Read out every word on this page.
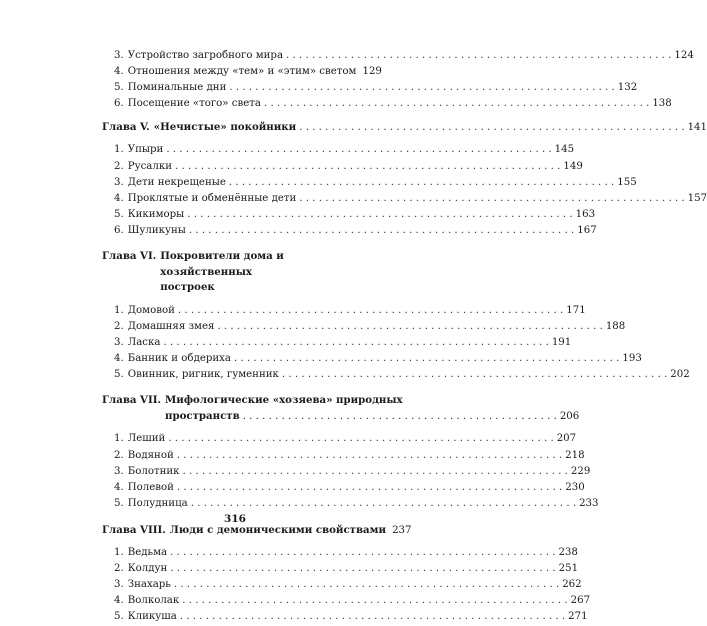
3. Устройство загробного мира . . .	124
4. Отношения между «тем» и «этим» светом 129
5. Поминальные дни . . .	132
6. Посещение «того» света . . .	138
Глава V. «Нечистые» покойники . . .	141
1. Упыри . . .	145
2. Русалки . . .	149
3. Дети некрещеные . . .	155
4. Проклятые и обменённые дети . . .	157
5. Кикиморы . . .	163
6. Шуликуны . . .	167
Глава VI. Покровители дома и хозяйственных
построек
1. Домовой . . .	171
2. Домашняя змея . . .	188
3. Ласка . . .	191
4. Банник и обдериха . . .	193
5. Овинник, ригник, гуменник . . .	202
Глава VII. Мифологические «хозяева» природных
пространств . . .	206
1. Леший . . .	207
2. Водяной . . .	218
3. Болотник . . .	229
4. Полевой . . .	230
5. Полудница . . .	233
Глава VIII. Люди с демоническими свойствами 237
1. Ведьма . . .	238
2. Колдун . . .	251
3. Знахарь . . .	262
4. Волколак . . .	267
5. Кликуша . . .	271
316
